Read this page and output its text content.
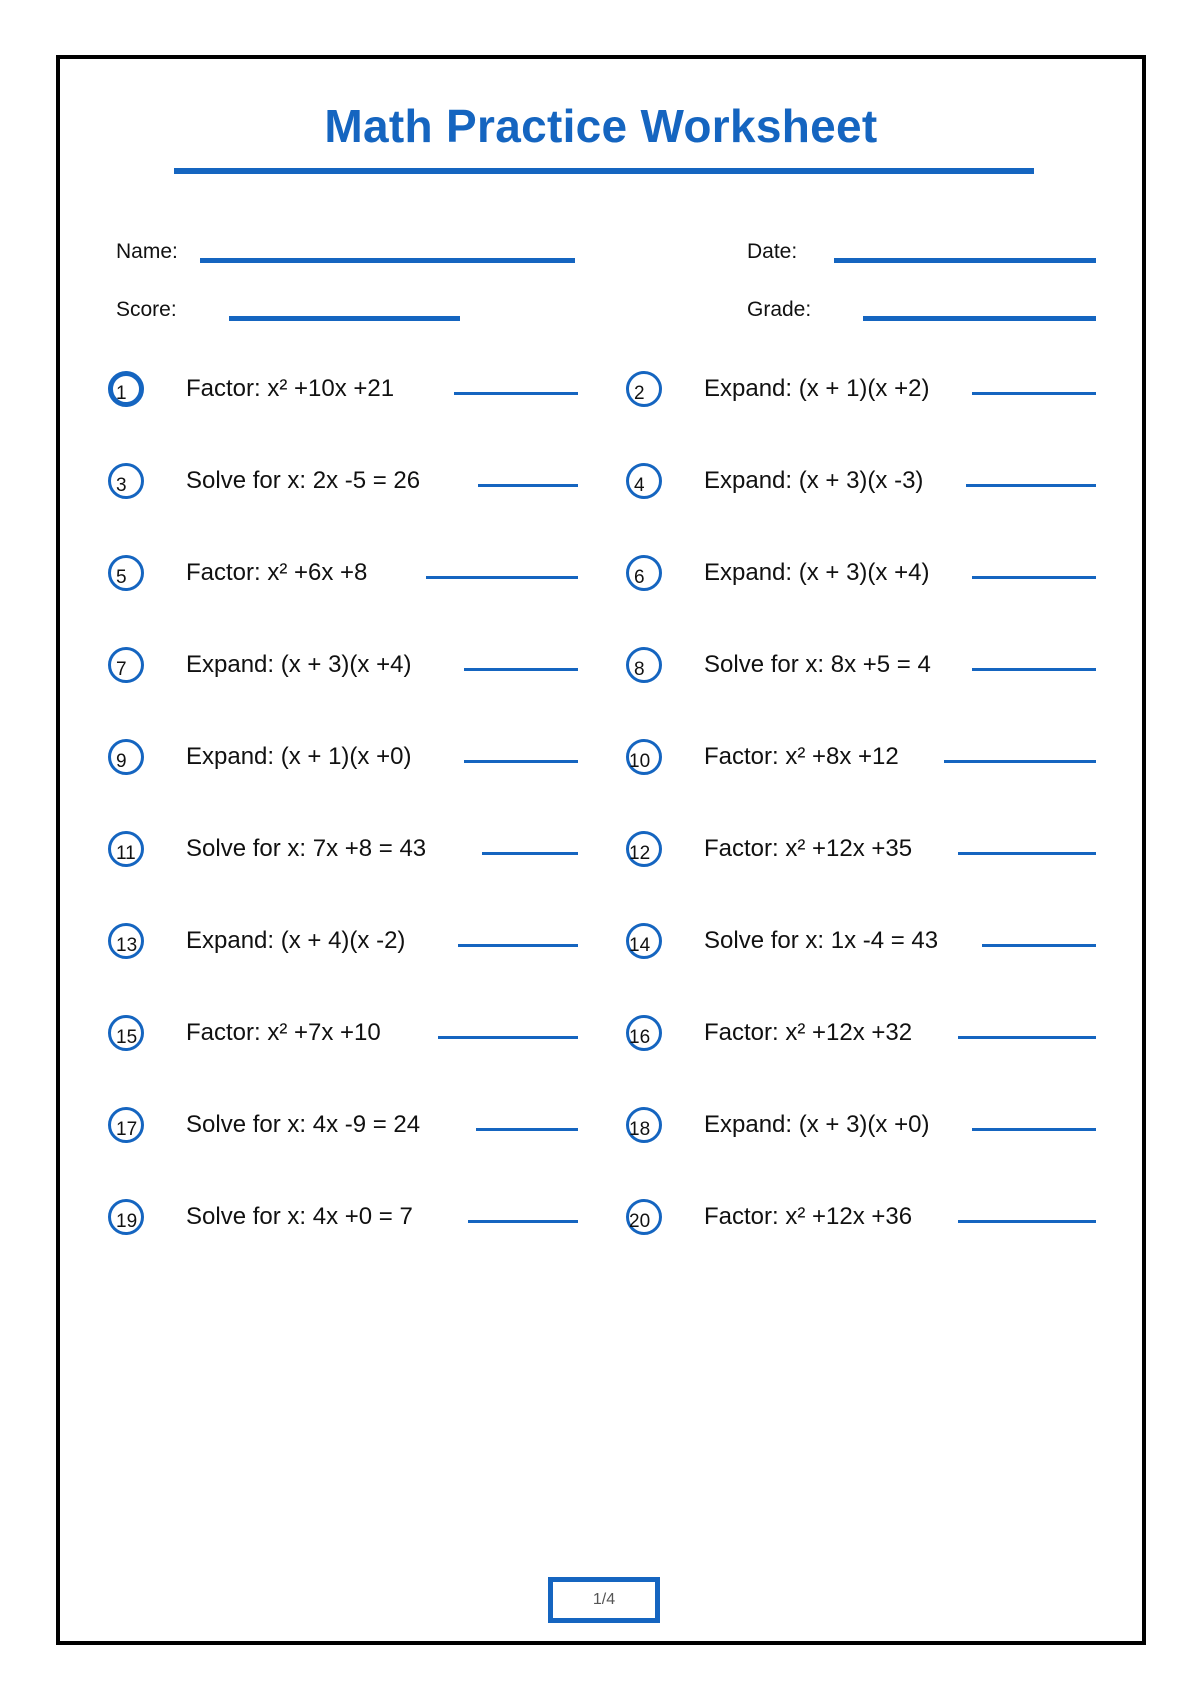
Math Practice Worksheet
Name:	Date:
Score:	Grade:
1 Factor: x² +10x +21
3 Solve for x: 2x -5 = 26
5 Factor: x² +6x +8
7 Expand: (x + 3)(x +4)
9 Expand: (x + 1)(x +0)
11 Solve for x: 7x +8 = 43
13 Expand: (x + 4)(x -2)
15 Factor: x² +7x +10
17 Solve for x: 4x -9 = 24
19 Solve for x: 4x +0 = 7
2 Expand: (x + 1)(x +2)
4 Expand: (x + 3)(x -3)
6 Expand: (x + 3)(x +4)
8 Solve for x: 8x +5 = 4
10 Factor: x² +8x +12
12 Factor: x² +12x +35
14 Solve for x: 1x -4 = 43
16 Factor: x² +12x +32
18 Expand: (x + 3)(x +0)
20 Factor: x² +12x +36
1/4
